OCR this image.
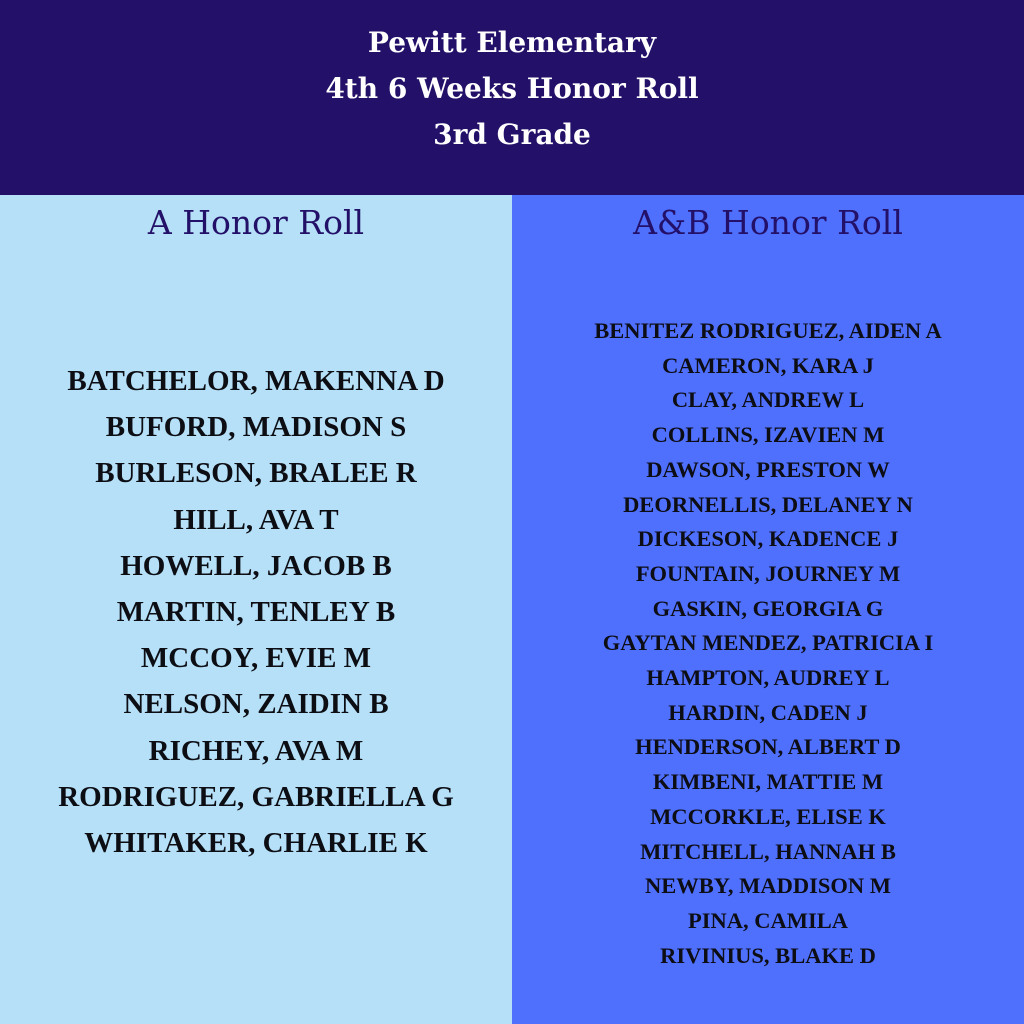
Pewitt Elementary
4th 6 Weeks Honor Roll
3rd Grade
A Honor Roll
BATCHELOR, MAKENNA D
BUFORD, MADISON S
BURLESON, BRALEE R
HILL, AVA T
HOWELL, JACOB B
MARTIN, TENLEY B
MCCOY, EVIE M
NELSON, ZAIDIN B
RICHEY, AVA M
RODRIGUEZ, GABRIELLA G
WHITAKER, CHARLIE K
A&B Honor Roll
BENITEZ RODRIGUEZ, AIDEN A
CAMERON, KARA J
CLAY, ANDREW L
COLLINS, IZAVIEN M
DAWSON, PRESTON W
DEORNELLIS, DELANEY N
DICKESON, KADENCE J
FOUNTAIN, JOURNEY M
GASKIN, GEORGIA G
GAYTAN MENDEZ, PATRICIA I
HAMPTON, AUDREY L
HARDIN, CADEN J
HENDERSON, ALBERT D
KIMBENI, MATTIE M
MCCORKLE, ELISE K
MITCHELL, HANNAH B
NEWBY, MADDISON M
PINA, CAMILA
RIVINIUS, BLAKE D
